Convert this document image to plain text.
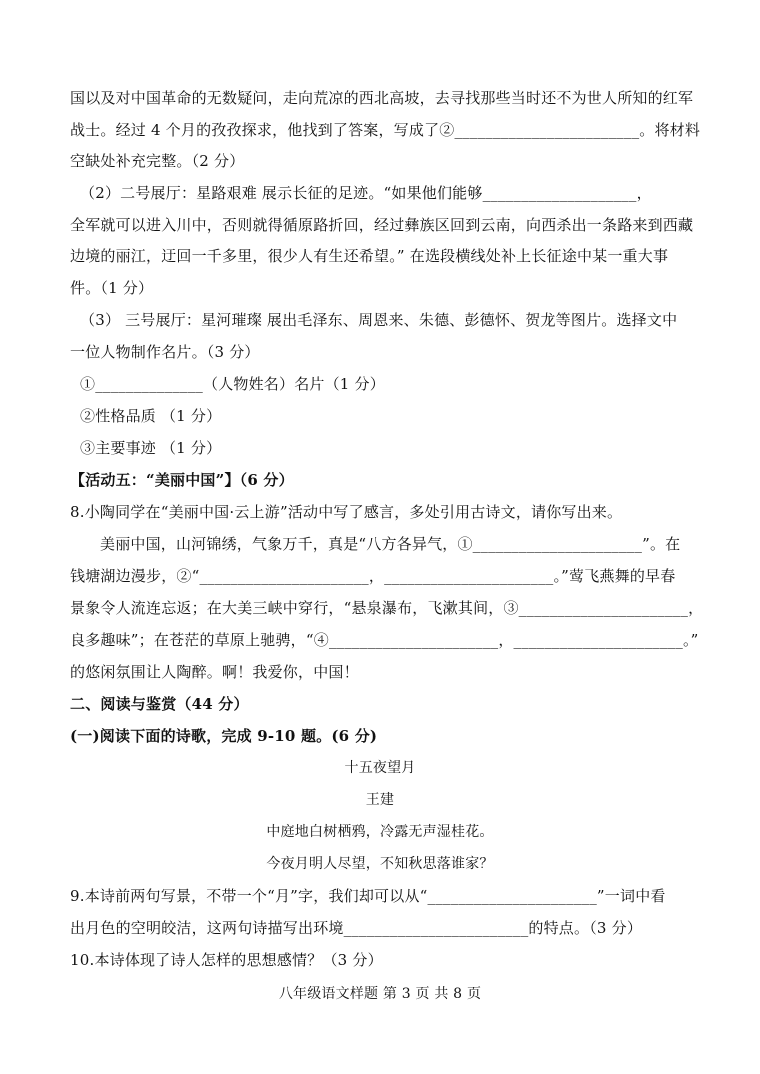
国以及对中国革命的无数疑问，走向荒凉的西北高坡，去寻找那些当时还不为世人所知的红军
战士。经过 4 个月的孜孜探求，他找到了答案，写成了②________________________。将材料
空缺处补充完整。（2 分）
（2）二号展厅：星路艰难 展示长征的足迹。“如果他们能够____________________，
全军就可以进入川中，否则就得循原路折回，经过彝族区回到云南，向西杀出一条路来到西藏
边境的丽江，迂回一千多里，很少人有生还希望。” 在选段横线处补上长征途中某一重大事
件。（1 分）
（3） 三号展厅：星河璀璨 展出毛泽东、周恩来、朱德、彭德怀、贺龙等图片。选择文中
一位人物制作名片。（3 分）
①______________（人物姓名）名片（1 分）
②性格品质 （1 分）
③主要事迹 （1 分）
【活动五：“美丽中国”】（6 分）
8.小陶同学在“美丽中国·云上游”活动中写了感言，多处引用古诗文，请你写出来。
美丽中国，山河锦绣，气象万千，真是“八方各异气，①______________________”。在
钱塘湖边漫步，②“______________________，______________________。”莺飞燕舞的早春
景象令人流连忘返；在大美三峡中穿行，“悬泉瀑布，飞漱其间，③______________________，
良多趣味”；在苍茫的草原上驰骋，“④______________________，______________________。”
的悠闲氛围让人陶醉。啊！我爱你，中国！
二、阅读与鉴赏（44 分）
(一)阅读下面的诗歌，完成 9-10 题。(6 分)
十五夜望月
王建
中庭地白树栖鸦，冷露无声湿桂花。
今夜月明人尽望，不知秋思落谁家？
9.本诗前两句写景，不带一个“月”字，我们却可以从“______________________”一词中看
出月色的空明皎洁，这两句诗描写出环境________________________的特点。（3 分）
10.本诗体现了诗人怎样的思想感情？（3 分）
八年级语文样题 第 3 页 共 8 页
